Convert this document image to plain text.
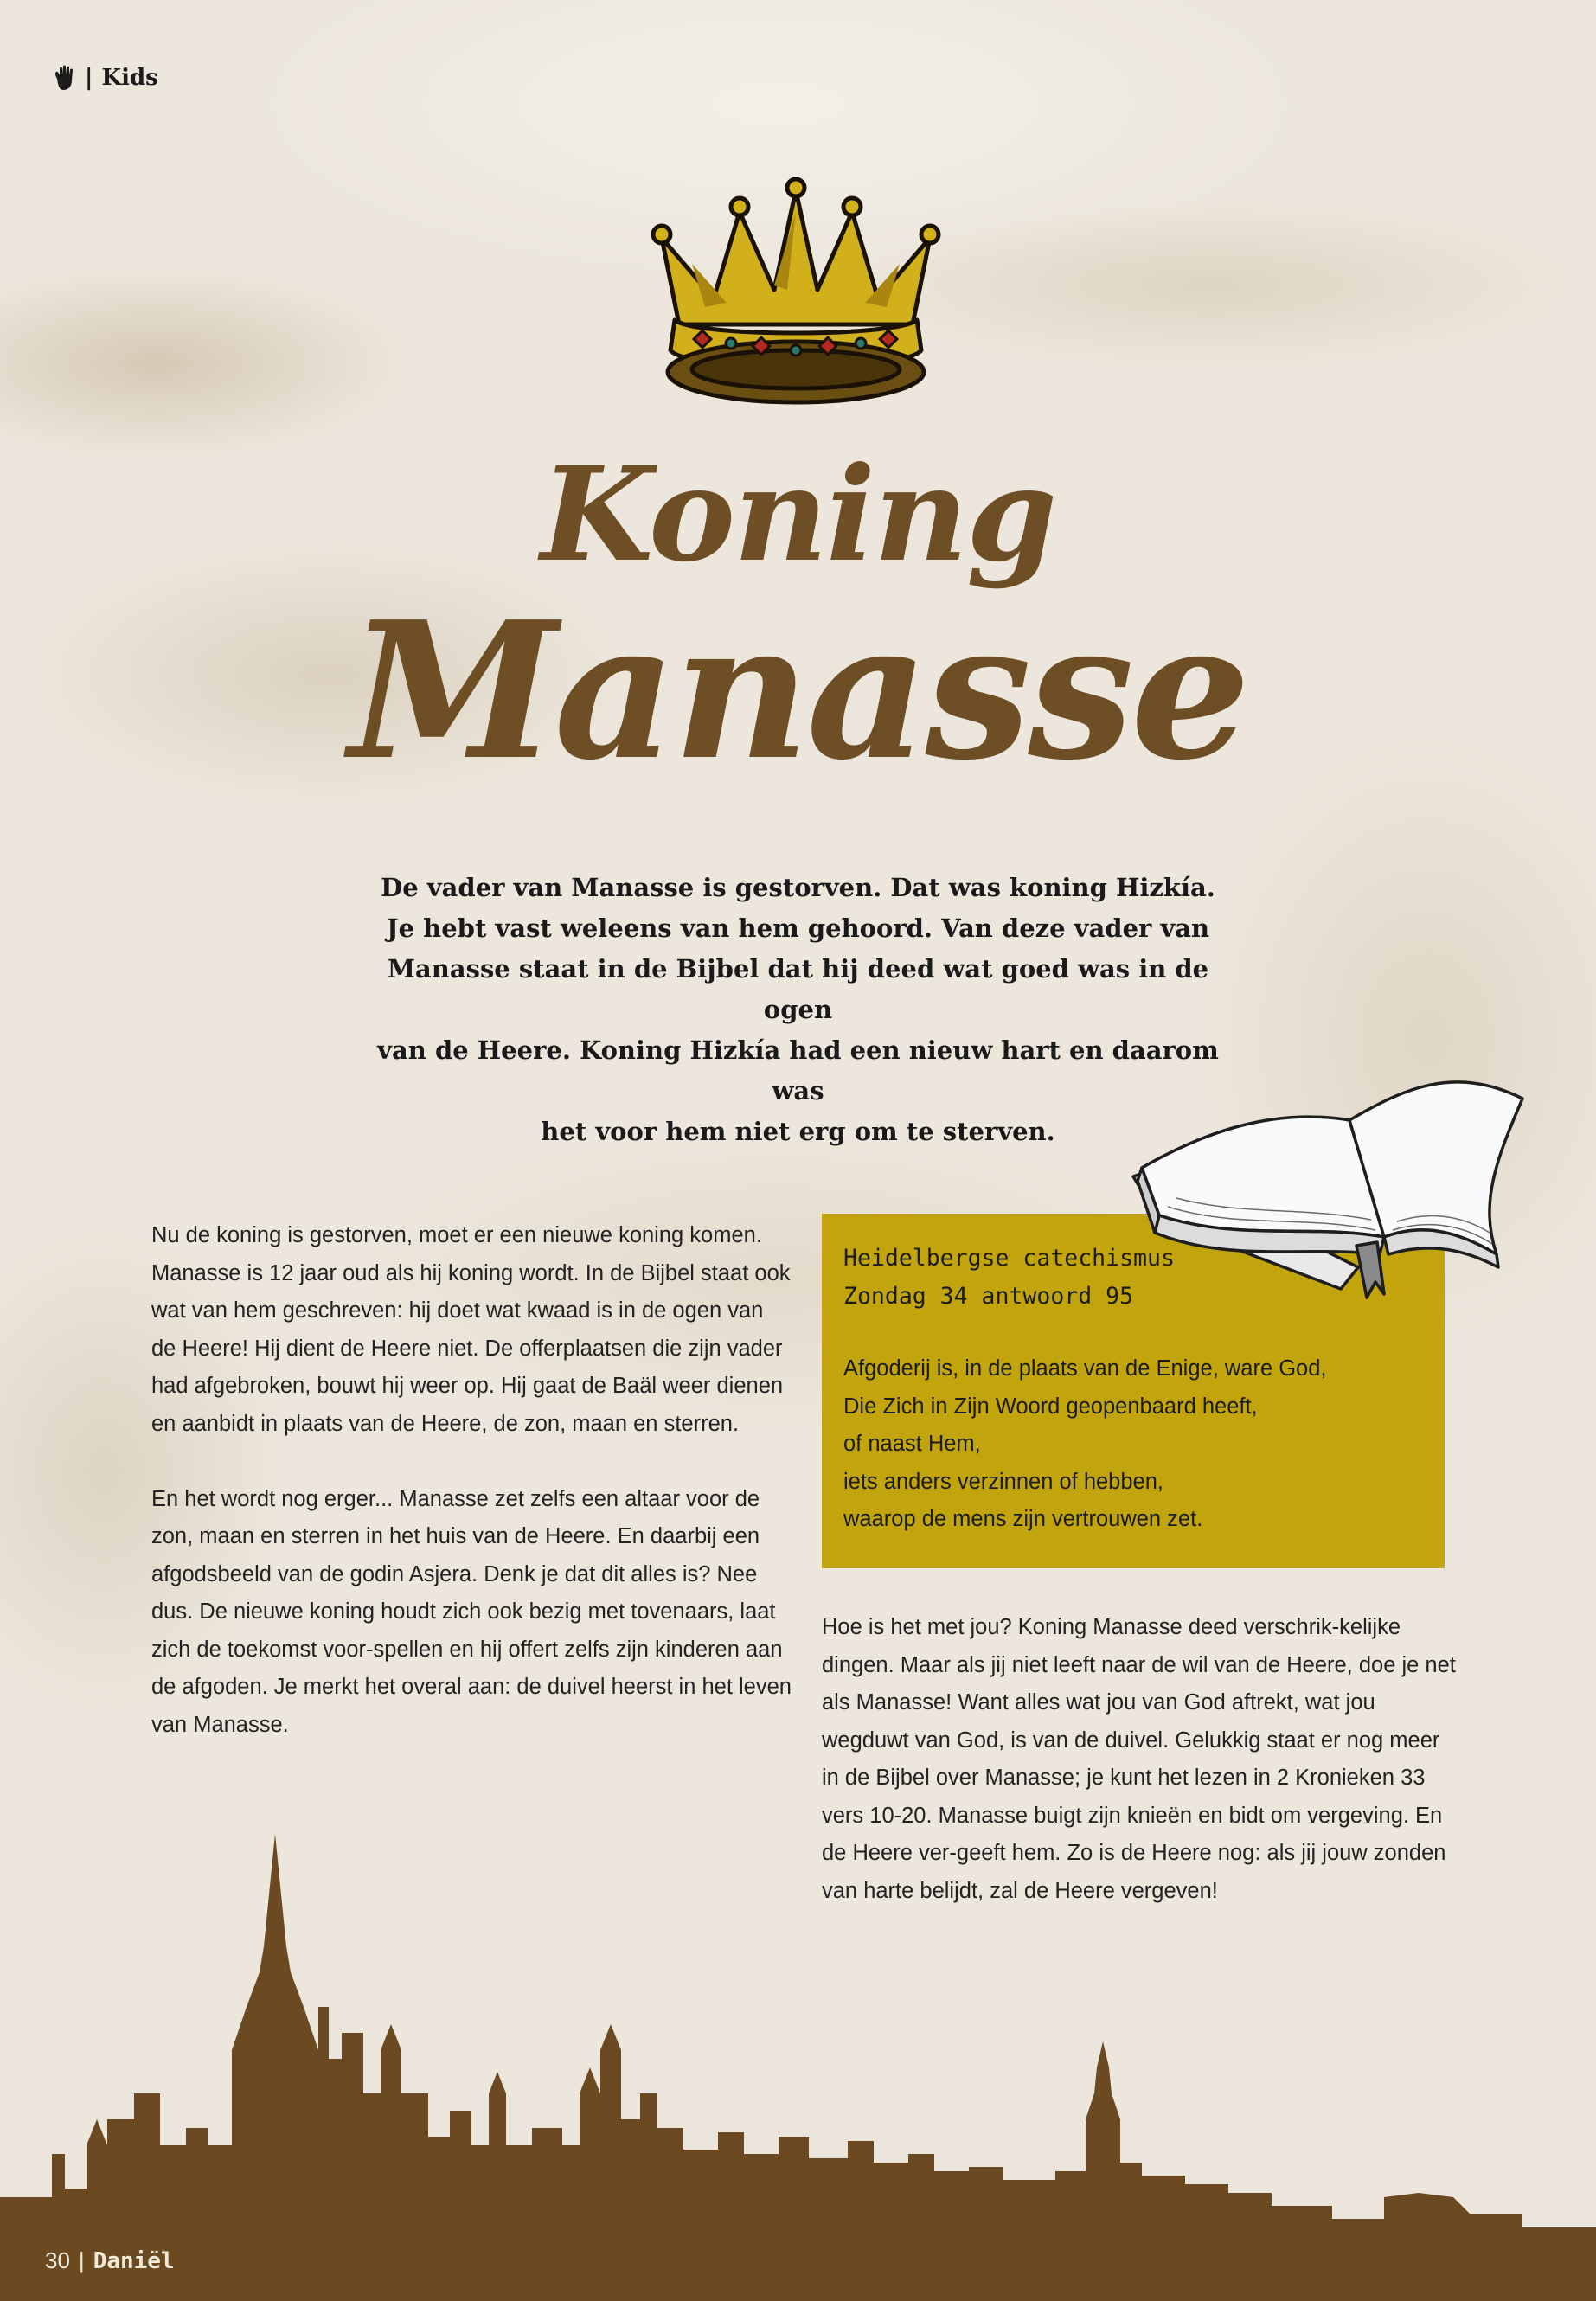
| Kids
Koning
Manasse

De vader van Manasse is gestorven. Dat was koning Hizkía.

Je hebt vast weleens van hem gehoord. Van deze vader van

Manasse staat in de Bijbel dat hij deed wat goed was in de ogen

van de Heere. Koning Hizkía had een nieuw hart en daarom was

het voor hem niet erg om te sterven.

Nu de koning is gestorven, moet er een nieuwe koning komen. Manasse is 12 jaar oud als hij koning wordt. In de Bijbel staat ook wat van hem geschreven: hij doet wat kwaad is in de ogen van de Heere! Hij dient de Heere niet. De offerplaatsen die zijn vader had afgebroken, bouwt hij weer op. Hij gaat de Baäl weer dienen en aanbidt in plaats van de Heere, de zon, maan en sterren.

En het wordt nog erger... Manasse zet zelfs een altaar voor de zon, maan en sterren in het huis van de Heere. En daarbij een afgodsbeeld van de godin Asjera. Denk je dat dit alles is? Nee dus. De nieuwe koning houdt zich ook bezig met tovenaars, laat zich de toekomst voor-spellen en hij offert zelfs zijn kinderen aan de afgoden. Je merkt het overal aan: de duivel heerst in het leven van Manasse.

Heidelbergse catechismus
Zondag 34 antwoord 95
Afgoderij is, in de plaats van de Enige, ware God,
Die Zich in Zijn Woord geopenbaard heeft,
of naast Hem,
iets anders verzinnen of hebben,
waarop de mens zijn vertrouwen zet.

Hoe is het met jou? Koning Manasse deed verschrik-kelijke dingen. Maar als jij niet leeft naar de wil van de Heere, doe je net als Manasse! Want alles wat jou van God aftrekt, wat jou wegduwt van God, is van de duivel. Gelukkig staat er nog meer in de Bijbel over Manasse; je kunt het lezen in 2 Kronieken 33 vers 10-20. Manasse buigt zijn knieën en bidt om vergeving. En de Heere ver-geeft hem. Zo is de Heere nog: als jij jouw zonden van harte belijdt, zal de Heere vergeven!

30 | Daniël
